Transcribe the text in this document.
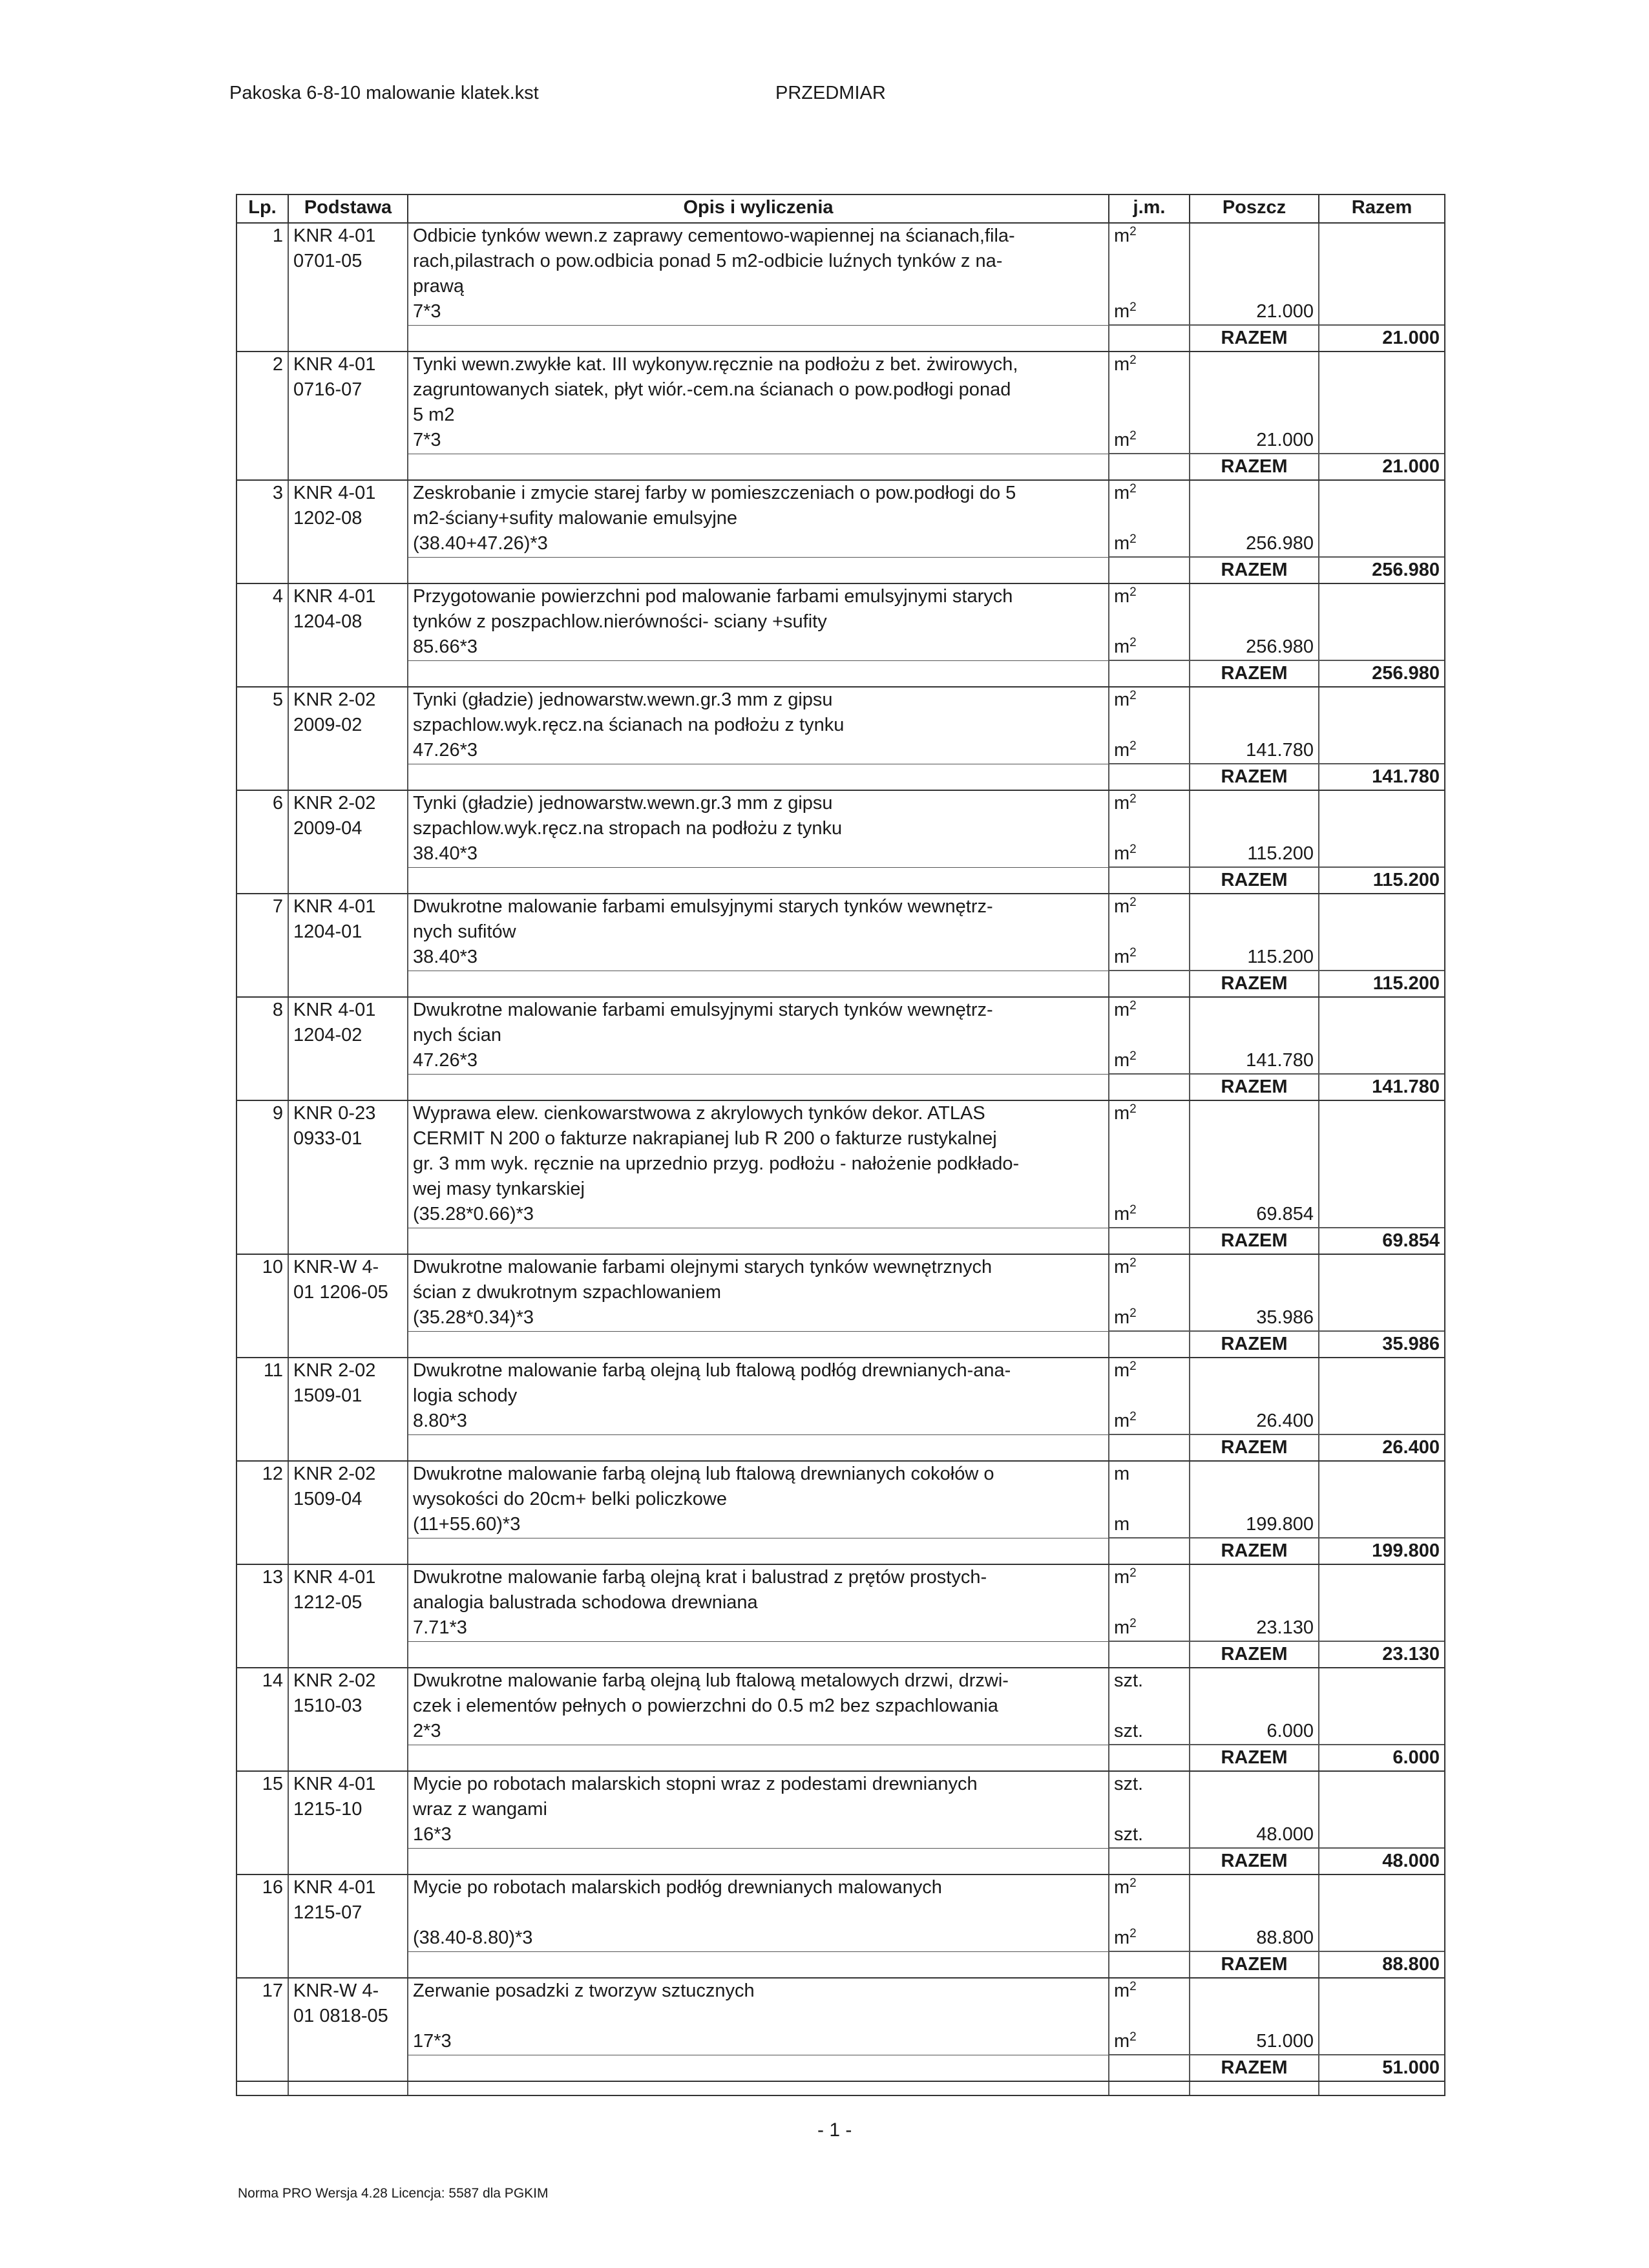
Pakoska 6-8-10 malowanie klatek.kst	PRZEDMIAR
Lp.	Podstawa	Opis i wyliczenia	j.m.	Poszcz	Razem
1	KNR 4-01	Odbicie tynków wewn.z zaprawy cementowo-wapiennej na ścianach,fila-	$m^2$		
	0701-05	rach,pilastrach o pow.odbicia ponad 5 m2-odbicie luźnych tynków z na-			
		prawą			
		7*3	$m^2$	21.000	
				RAZEM	21.000
2	KNR 4-01	Tynki wewn.zwykłe kat. III wykonyw.ręcznie na podłożu z bet. żwirowych,	$m^2$		
	0716-07	zagruntowanych siatek, płyt wiór.-cem.na ścianach o pow.podłogi ponad			
		5 m2			
		7*3	$m^2$	21.000	
				RAZEM	21.000
3	KNR 4-01	Zeskrobanie i zmycie starej farby w pomieszczeniach o pow.podłogi do 5	$m^2$		
	1202-08	m2-ściany+sufity malowanie emulsyjne			
		(38.40+47.26)*3	$m^2$	256.980	
				RAZEM	256.980
4	KNR 4-01	Przygotowanie powierzchni pod malowanie farbami emulsyjnymi starych	$m^2$		
	1204-08	tynków z poszpachlow.nierówności- sciany +sufity			
		85.66*3	$m^2$	256.980	
				RAZEM	256.980
5	KNR 2-02	Tynki (gładzie) jednowarstw.wewn.gr.3 mm z gipsu	$m^2$		
	2009-02	szpachlow.wyk.ręcz.na ścianach na podłożu z tynku			
		47.26*3	$m^2$	141.780	
				RAZEM	141.780
6	KNR 2-02	Tynki (gładzie) jednowarstw.wewn.gr.3 mm z gipsu	$m^2$		
	2009-04	szpachlow.wyk.ręcz.na stropach na podłożu z tynku			
		38.40*3	$m^2$	115.200	
				RAZEM	115.200
7	KNR 4-01	Dwukrotne malowanie farbami emulsyjnymi starych tynków wewnętrz-	$m^2$		
	1204-01	nych sufitów			
		38.40*3	$m^2$	115.200	
				RAZEM	115.200
8	KNR 4-01	Dwukrotne malowanie farbami emulsyjnymi starych tynków wewnętrz-	$m^2$		
	1204-02	nych ścian			
		47.26*3	$m^2$	141.780	
				RAZEM	141.780
9	KNR 0-23	Wyprawa elew. cienkowarstwowa z akrylowych tynków dekor. ATLAS	$m^2$		
	0933-01	CERMIT N 200 o fakturze nakrapianej lub R 200 o fakturze rustykalnej			
		gr. 3 mm wyk. ręcznie na uprzednio przyg. podłożu - nałożenie podkłado-			
		wej masy tynkarskiej			
		(35.28*0.66)*3	$m^2$	69.854	
				RAZEM	69.854
10	KNR-W 4-	Dwukrotne malowanie farbami olejnymi starych tynków wewnętrznych	$m^2$		
	01 1206-05	ścian z dwukrotnym szpachlowaniem			
		(35.28*0.34)*3	$m^2$	35.986	
				RAZEM	35.986
11	KNR 2-02	Dwukrotne malowanie farbą olejną lub ftalową podłóg drewnianych-ana-	$m^2$		
	1509-01	logia schody			
		8.80*3	$m^2$	26.400	
				RAZEM	26.400
12	KNR 2-02	Dwukrotne malowanie farbą olejną lub ftalową drewnianych cokołów o	m		
	1509-04	wysokości do 20cm+ belki policzkowe			
		(11+55.60)*3	m	199.800	
				RAZEM	199.800
13	KNR 4-01	Dwukrotne malowanie farbą olejną krat i balustrad z prętów prostych-	$m^2$		
	1212-05	analogia balustrada schodowa drewniana			
		7.71*3	$m^2$	23.130	
				RAZEM	23.130
14	KNR 2-02	Dwukrotne malowanie farbą olejną lub ftalową metalowych drzwi, drzwi-	szt.		
	1510-03	czek i elementów pełnych o powierzchni do 0.5 m2 bez szpachlowania			
		2*3	szt.	6.000	
				RAZEM	6.000
15	KNR 4-01	Mycie po robotach malarskich stopni wraz z podestami drewnianych	szt.		
	1215-10	wraz z wangami			
		16*3	szt.	48.000	
				RAZEM	48.000
16	KNR 4-01	Mycie po robotach malarskich podłóg drewnianych malowanych	$m^2$		
	1215-07				
		(38.40-8.80)*3	$m^2$	88.800	
				RAZEM	88.800
17	KNR-W 4-	Zerwanie posadzki z tworzyw sztucznych	$m^2$		
	01 0818-05				
		17*3	$m^2$	51.000	
				RAZEM	51.000

- 1 -
Norma PRO Wersja 4.28 Licencja: 5587 dla PGKIM
